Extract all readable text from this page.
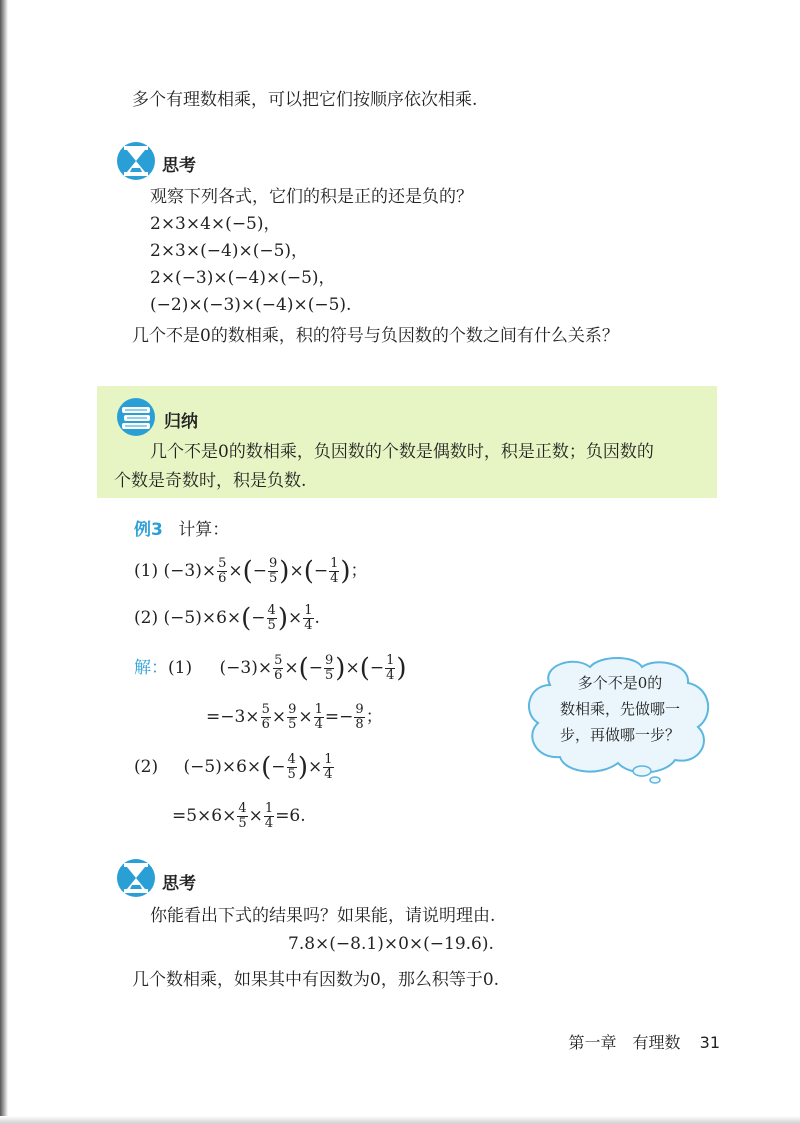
多个有理数相乘，可以把它们按顺序依次相乘.
思考
观察下列各式，它们的积是正的还是负的？
2×3×4×(−5)，
2×3×(−4)×(−5)，
2×(−3)×(−4)×(−5)，
(−2)×(−3)×(−4)×(−5).
几个不是0的数相乘，积的符号与负因数的个数之间有什么关系？
归纳
几个不是0的数相乘，负因数的个数是偶数时，积是正数；负因数的
个数是奇数时，积是负数.
例3 计算：
(1) $(-3)\times \frac{5}{6}$ ×(− $\frac{9}{5}$ )×(− $\frac{1}{4}$ )；
(2) $(-5)\times 6\times(- \frac{4}{5}$ )× $\frac{1}{4}$ .
解：(1) $(-3)\times \frac{5}{6}$ ×(− $\frac{9}{5}$ )×(− $\frac{1}{4}$ )
$=-3\times \frac{5}{6} \times \frac{9}{5} \times \frac{1}{4} =- \frac{9}{8}$ ；
(2) $(-5)\times 6\times(- \frac{4}{5}$ )× $\frac{1}{4}$
$=5\times 6\times \frac{4}{5} \times \frac{1}{4} =6$.
多个不是0的
数相乘，先做哪一
步，再做哪一步？
思考
你能看出下式的结果吗？如果能，请说明理由.
7.8×(−8.1)×0×(−19.6).
几个数相乘，如果其中有因数为0，那么积等于0.
第一章　有理数 31
